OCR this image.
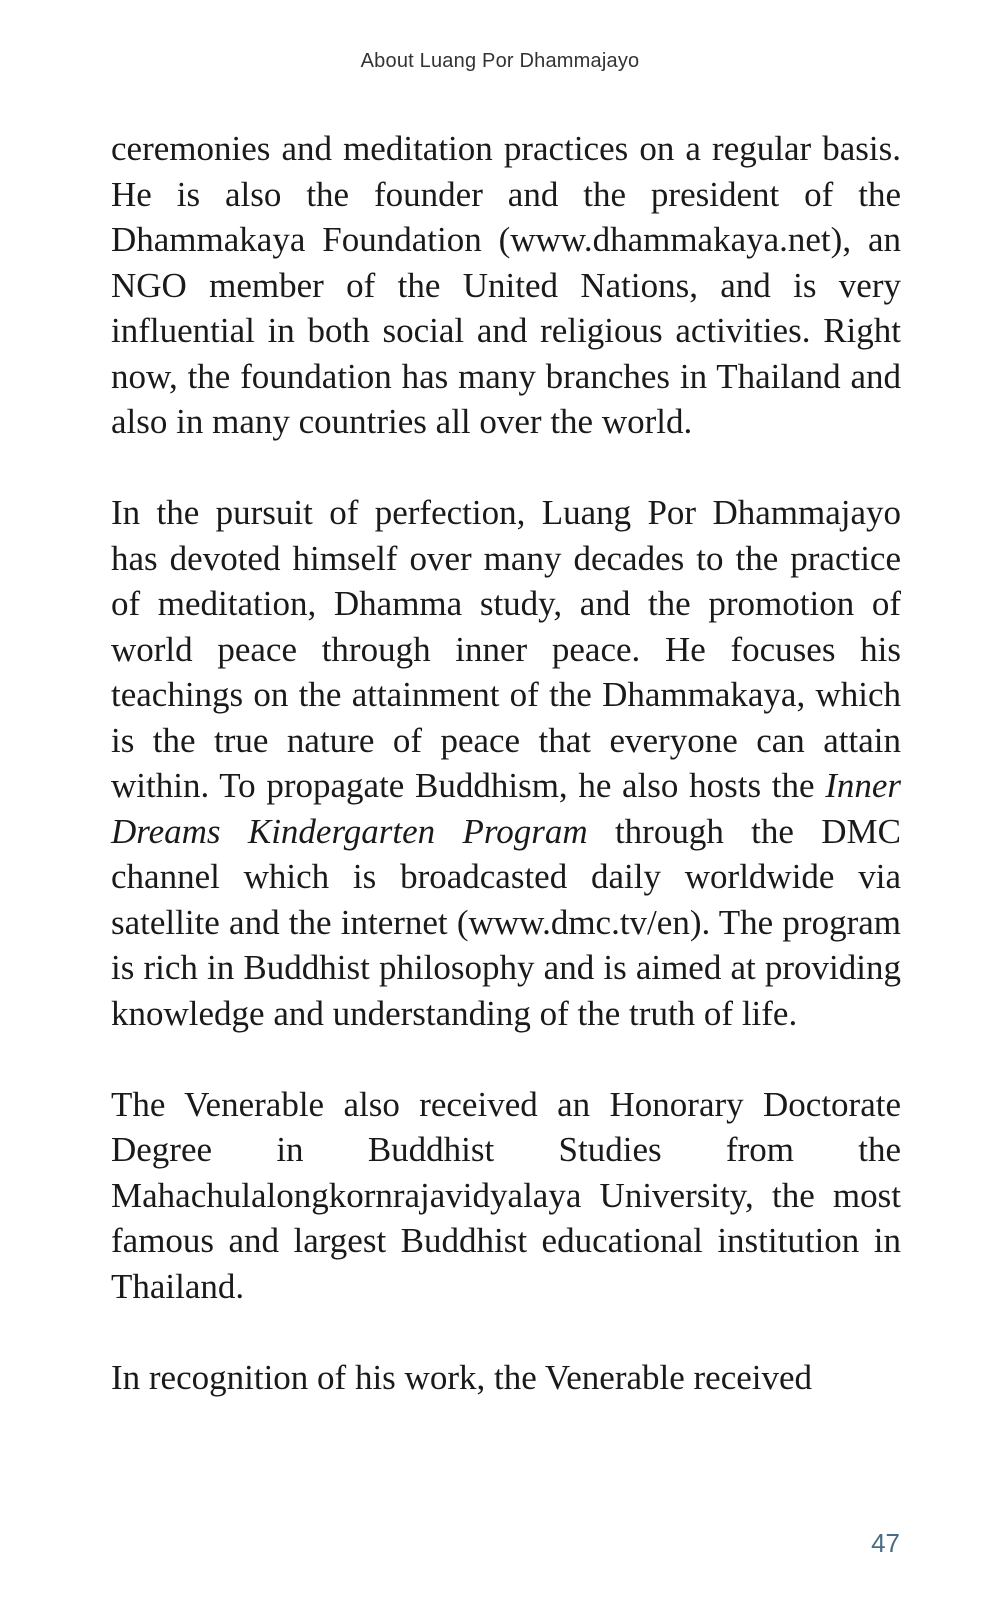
About Luang Por Dhammajayo

ceremonies and meditation practices on a regular basis. He is also the founder and the president of the Dhammakaya Foundation (www.dhammakaya.net), an NGO member of the United Nations, and is very influential in both social and religious activities. Right now, the foundation has many branches in Thailand and also in many countries all over the world.

In the pursuit of perfection, Luang Por Dhammajayo has devoted himself over many decades to the practice of meditation, Dhamma study, and the promotion of world peace through inner peace. He focuses his teachings on the attainment of the Dhammakaya, which is the true nature of peace that everyone can attain within. To propagate Buddhism, he also hosts the Inner Dreams Kindergarten Program through the DMC channel which is broadcasted daily worldwide via satellite and the internet (www.dmc.tv/en). The program is rich in Buddhist philosophy and is aimed at providing knowledge and understanding of the truth of life.

The Venerable also received an Honorary Doctorate Degree in Buddhist Studies from the Mahachulalongkornrajavidyalaya University, the most famous and largest Buddhist educational institution in Thailand.

In recognition of his work, the Venerable received

47
